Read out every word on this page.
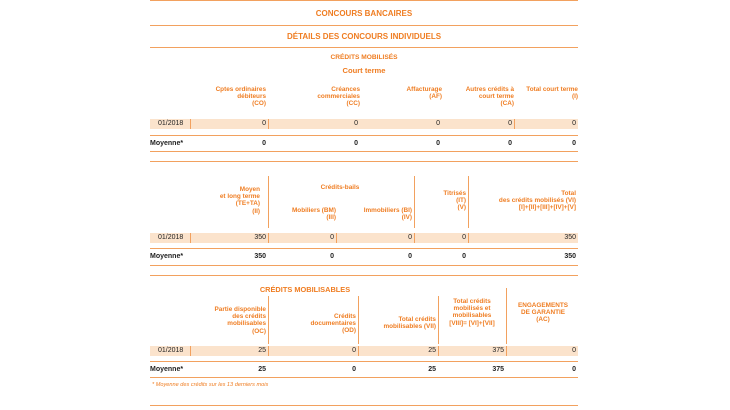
CONCOURS BANCAIRES
DÉTAILS DES CONCOURS INDIVIDUELS
CRÉDITS MOBILISÉS
Court terme
Cptes ordinaires
débiteurs
(CO)
Créances
commerciales
(CC)
Affacturage
(AF)
Autres crédits à
court terme
(CA)
Total court terme
(I)
01/2018	0	0	0	0	0
Moyenne*	0	0	0	0	0
Moyen
et long terme
(TE+TA)
(II)
Crédits-bails
Mobiliers (BM)
(III)
Immobiliers (BI)
(IV)
Titrisés
(IT)
(V)
Total
des crédits mobilisés (VI)
[I]+[II]+[III]+[IV]+[V]
01/2018	350	0	0	0	350
Moyenne*	350	0	0	0	350
CRÉDITS MOBILISABLES
Partie disponible
des crédits
mobilisables
(OC)
Crédits
documentaires
(OD)
Total crédits
mobilisables (VII)
Total crédits
mobilisés et
mobilisables
[VIII]= [VI]+[VII]
ENGAGEMENTS
DE GARANTIE
(AC)
01/2018	25	0	25	375	0
Moyenne*	25	0	25	375	0
* Moyenne des crédits sur les 13 derniers mois
